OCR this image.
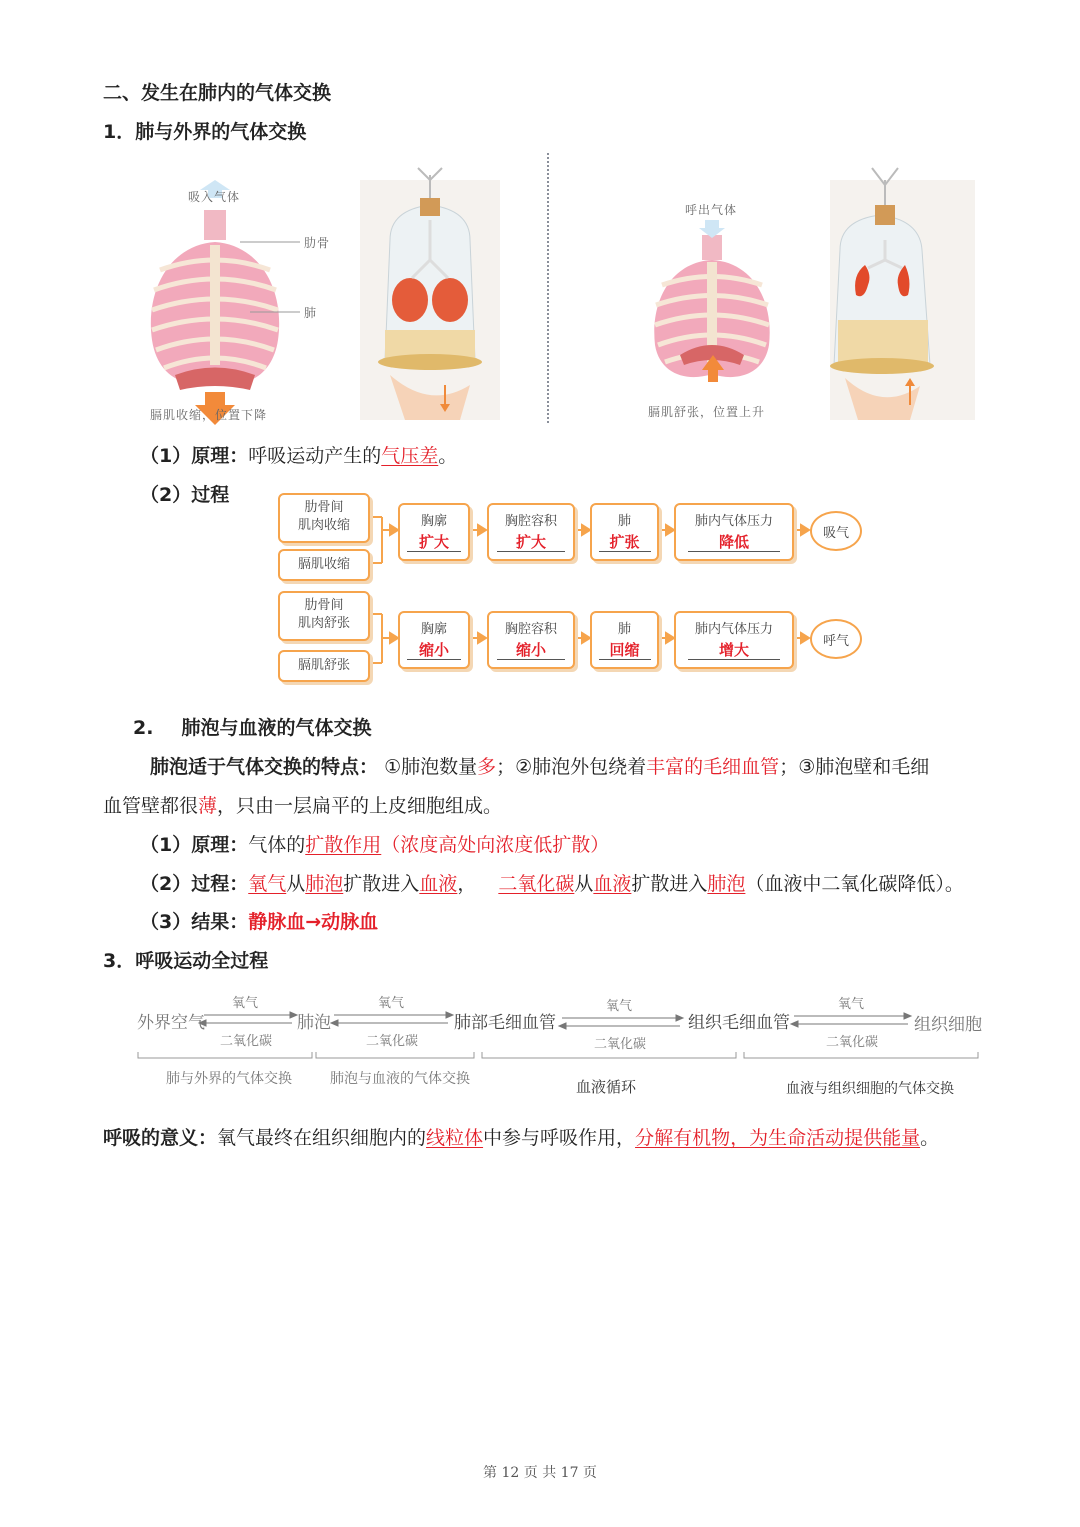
二、发生在肺内的气体交换
1．肺与外界的气体交换
吸入气体
肋骨
肺
膈肌收缩，位置下降
呼出气体
膈肌舒张，位置上升
（1）原理：呼吸运动产生的气压差。
（2）过程
肋骨间
肌肉收缩
膈肌收缩
胸廓
扩大
胸腔容积
扩大
肺
扩张
肺内气体压力
降低	吸气
肋骨间
肌肉舒张
膈肌舒张
胸廓
缩小
胸腔容积
缩小
肺
回缩
肺内气体压力
增大	呼气
2. 肺泡与血液的气体交换
肺泡适于气体交换的特点： ①肺泡数量多；②肺泡外包绕着丰富的毛细血管；③肺泡壁和毛细
血管壁都很薄，只由一层扁平的上皮细胞组成。
（1）原理：气体的扩散作用（浓度高处向浓度低扩散）
（2）过程：氧气从肺泡扩散进入血液， 二氧化碳从血液扩散进入肺泡（血液中二氧化碳降低）。
（3）结果：静脉血→动脉血
3．呼吸运动全过程
外界空气	肺泡	肺部毛细血管	组织毛细血管	组织细胞
氧气
二氧化碳
氧气
二氧化碳
氧气
二氧化碳
氧气
二氧化碳
肺与外界的气体交换	肺泡与血液的气体交换	血液循环	血液与组织细胞的气体交换
呼吸的意义：氧气最终在组织细胞内的线粒体中参与呼吸作用，分解有机物，为生命活动提供能量。
第 12 页 共 17 页
